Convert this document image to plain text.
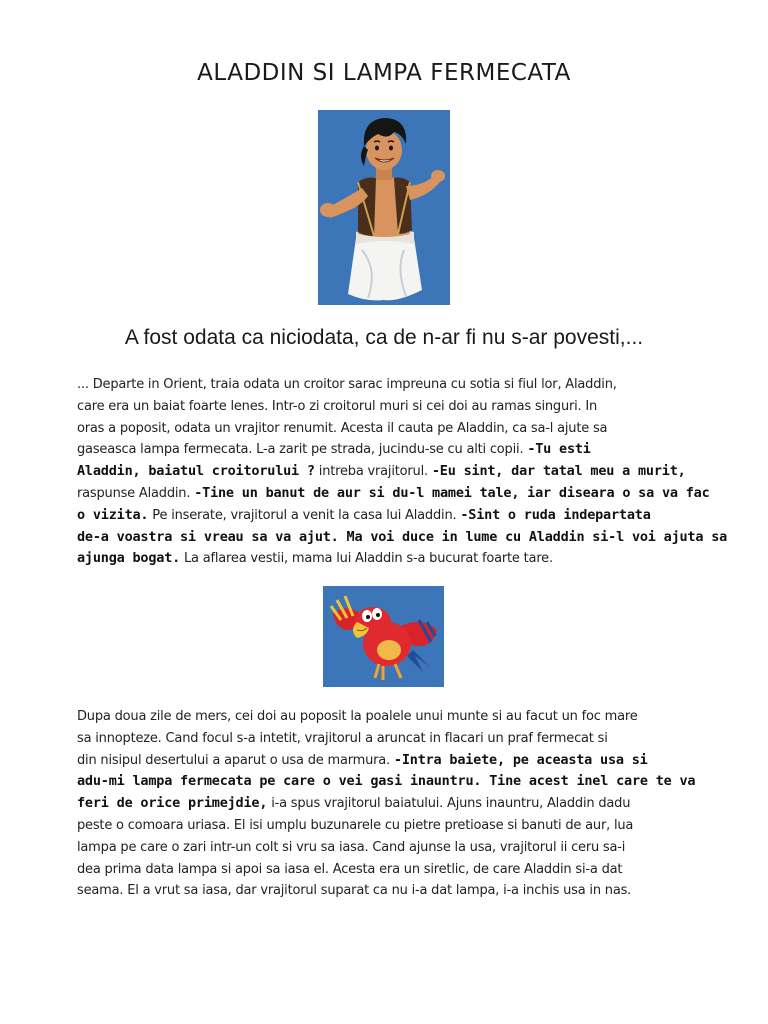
ALADDIN SI LAMPA FERMECATA
A fost odata ca niciodata, ca de n-ar fi nu s-ar povesti,...
... Departe in Orient, traia odata un croitor sarac impreuna cu sotia si fiul lor, Aladdin,
care era un baiat foarte lenes. Intr-o zi croitorul muri si cei doi au ramas singuri. In
oras a poposit, odata un vrajitor renumit. Acesta il cauta pe Aladdin, ca sa-l ajute sa
gaseasca lampa fermecata. L-a zarit pe strada, jucindu-se cu alti copii. -Tu esti
Aladdin, baiatul croitorului ? intreba vrajitorul. -Eu sint, dar tatal meu a murit,
raspunse Aladdin. -Tine un banut de aur si du-l mamei tale, iar diseara o sa va fac
o vizita. Pe inserate, vrajitorul a venit la casa lui Aladdin. -Sint o ruda indepartata
de-a voastra si vreau sa va ajut. Ma voi duce in lume cu Aladdin si-l voi ajuta sa
ajunga bogat. La aflarea vestii, mama lui Aladdin s-a bucurat foarte tare.
Dupa doua zile de mers, cei doi au poposit la poalele unui munte si au facut un foc mare
sa innopteze. Cand focul s-a intetit, vrajitorul a aruncat in flacari un praf fermecat si
din nisipul desertului a aparut o usa de marmura. -Intra baiete, pe aceasta usa si
adu-mi lampa fermecata pe care o vei gasi inauntru. Tine acest inel care te va
feri de orice primejdie, i-a spus vrajitorul baiatului. Ajuns inauntru, Aladdin dadu
peste o comoara uriasa. El isi umplu buzunarele cu pietre pretioase si banuti de aur, lua
lampa pe care o zari intr-un colt si vru sa iasa. Cand ajunse la usa, vrajitorul ii ceru sa-i
dea prima data lampa si apoi sa iasa el. Acesta era un siretlic, de care Aladdin si-a dat
seama. El a vrut sa iasa, dar vrajitorul suparat ca nu i-a dat lampa, i-a inchis usa in nas.
